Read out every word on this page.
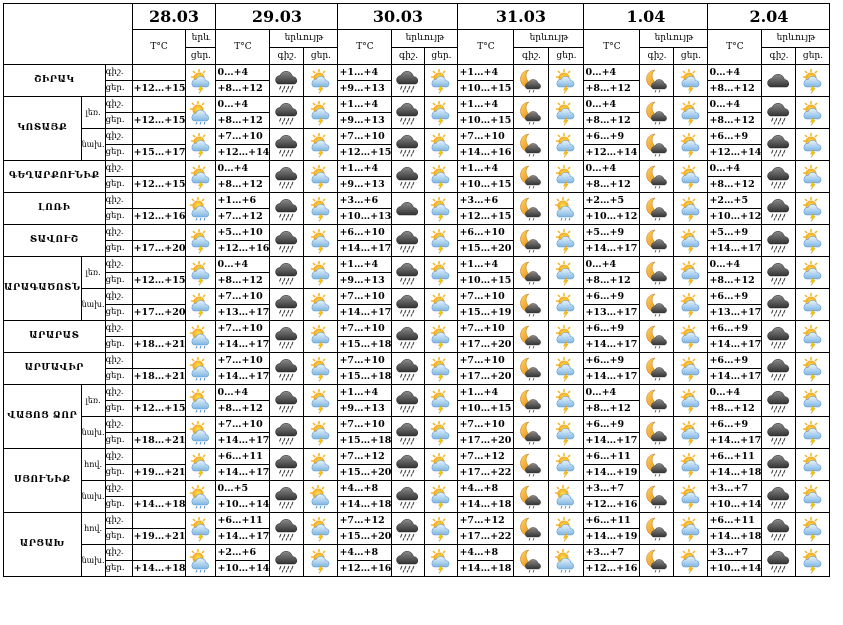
			28.03		29.03			30.03			31.03			1.04			2.04		
			T°C	երև	T°C	երևույթ		T°C	երևույթ		T°C	երևույթ		T°C	երևույթ		T°C	երևույթ	
				ցեր.		գիշ.	ցեր.		գիշ.	ցեր.		գիշ.	ցեր.		գիշ.	ցեր.		գիշ.	ցեր.
ՇԻՐԱԿ		գիշ.			0…+4			+1…+4			+1…+4			0…+4			0…+4	

		ցեր.	+12…+15		+8…+12			+9…+13			+10…+15			+8…+12			+8…+12		
ԿՈՏԱՅՔ	լեռ.	գիշ.			0…+4			+1…+4			+1…+4			0…+4			0…+4	

		ցեր.	+12…+15		+8…+12			+9…+13			+10…+15			+8…+12			+8…+12		
	նախ.	գիշ.			+7…+10			+7…+10			+7…+10			+6…+9			+6…+9	

		ցեր.	+15…+17		+12…+14			+12…+15			+14…+16			+12…+14			+12…+14		
ԳԵՂԱՐՔՈՒՆԻՔ		գիշ.			0…+4			+1…+4			+1…+4			0…+4			0…+4	

		ցեր.	+12…+15		+8…+12			+9…+13			+10…+15			+8…+12			+8…+12		
ԼՈՌԻ		գիշ.			+1…+6			+3…+6			+3…+6			+2…+5			+2…+5	

		ցեր.	+12…+16		+7…+12			+10…+13			+12…+15			+10…+12			+10…+12		
ՏԱՎՈՒՇ		գիշ.			+5…+10			+6…+10			+6…+10			+5…+9			+5…+9	

		ցեր.	+17…+20		+12…+16			+14…+17			+15…+20			+14…+17			+14…+17		
ԱՐԱԳԱԾՈՏՆ	լեռ.	գիշ.			0…+4			+1…+4			+1…+4			0…+4			0…+4	

		ցեր.	+12…+15		+8…+12			+9…+13			+10…+15			+8…+12			+8…+12		
	նախ.	գիշ.			+7…+10			+7…+10			+7…+10			+6…+9			+6…+9	

		ցեր.	+17…+20		+13…+17			+14…+17			+15…+19			+13…+17			+13…+17		
ԱՐԱՐԱՏ		գիշ.			+7…+10			+7…+10			+7…+10			+6…+9			+6…+9	

		ցեր.	+18…+21		+14…+17			+15…+18			+17…+20			+14…+17			+14…+17		
ԱՐՄԱՎԻՐ		գիշ.			+7…+10			+7…+10			+7…+10			+6…+9			+6…+9	

		ցեր.	+18…+21		+14…+17			+15…+18			+17…+20			+14…+17			+14…+17		
ՎԱՅՈՑ ՁՈՐ	լեռ.	գիշ.			0…+4			+1…+4			+1…+4			0…+4			0…+4	

		ցեր.	+12…+15		+8…+12			+9…+13			+10…+15			+8…+12			+8…+12		
	նախ.	գիշ.			+7…+10			+7…+10			+7…+10			+6…+9			+6…+9	

		ցեր.	+18…+21		+14…+17			+15…+18			+17…+20			+14…+17			+14…+17		
ՍՅՈՒՆԻՔ	հով.	գիշ.			+6…+11			+7…+12			+7…+12			+6…+11			+6…+11	

		ցեր.	+19…+21		+14…+17			+15…+20			+17…+22			+14…+19			+14…+18		
	նախ.	գիշ.			0…+5			+4…+8			+4…+8			+3…+7			+3…+7	

		ցեր.	+14…+18		+10…+14			+14…+18			+14…+18			+12…+16			+10…+14		
ԱՐՑԱԽ	հով.	գիշ.			+6…+11			+7…+12			+7…+12			+6…+11			+6…+11	

		ցեր.	+19…+21		+14…+17			+15…+20			+17…+22			+14…+19			+14…+18		
	նախ.	գիշ.			+2…+6			+4…+8			+4…+8			+3…+7			+3…+7	

		ցեր.	+14…+18		+10…+14			+12…+16			+14…+18			+12…+16			+10…+14		
